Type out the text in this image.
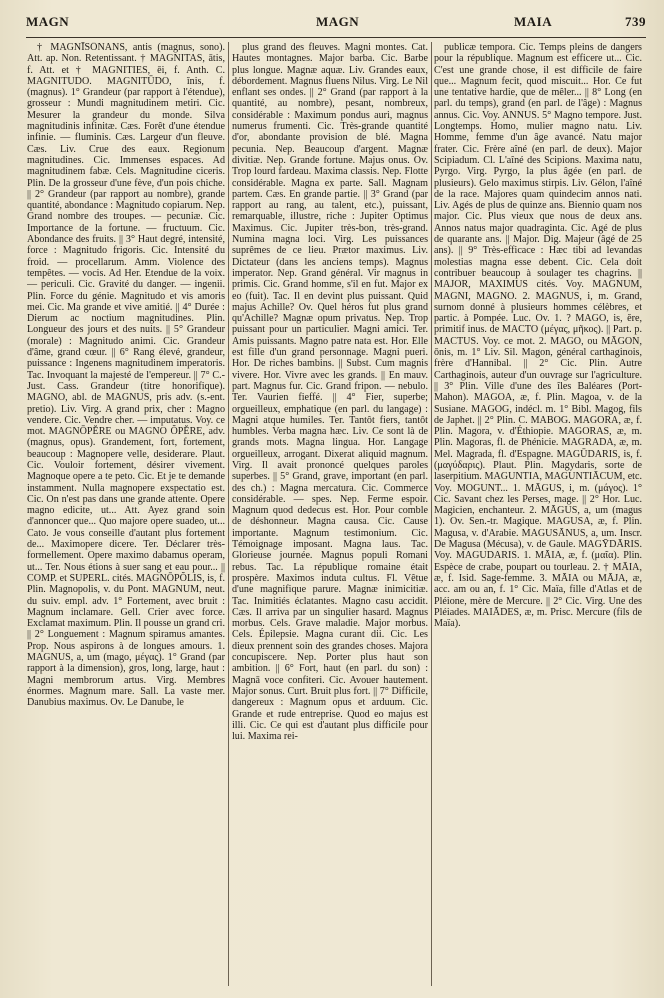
MAGN	MAGN	MAIA	739

† MAGNĪSŌNANS, antis (magnus, sono). Att. ap. Non. Retentissant. † MAGNITAS, ātis, f. Att. et † MAGNITIES, ēi, f. Anth. C. MAGNITUDO. MAGNITŪDO, ĭnis, f. (magnus). 1° Grandeur (par rapport à l'étendue), grosseur : Mundi magnitudinem metiri. Cic. Mesurer la grandeur du monde. Silva magnitudinis infinitæ. Cæs. Forêt d'une étendue infinie. — fluminis. Cæs. Largeur d'un fleuve. Cæs. Liv. Crue des eaux. Regionum magnitudines. Cic. Immenses espaces. Ad magnitudinem fabæ. Cels. Magnitudine ciceris. Plin. De la grosseur d'une fève, d'un pois chiche. || 2° Grandeur (par rapport au nombre), grande quantité, abondance : Magnitudo copiarum. Nep. Grand nombre des troupes. — pecuniæ. Cic. Importance de la fortune. — fructuum. Cic. Abondance des fruits. || 3° Haut degré, intensité, force : Magnitudo frigoris. Cic. Intensité du froid. — procellarum. Amm. Violence des tempêtes. — vocis. Ad Her. Etendue de la voix. — periculi. Cic. Gravité du danger. — ingenii. Plin. Force du génie. Magnitudo et vis amoris mei. Cic. Ma grande et vive amitié. || 4° Durée : Dierum ac noctium magnitudines. Plin. Longueur des jours et des nuits. || 5° Grandeur (morale) : Magnitudo animi. Cic. Grandeur d'âme, grand cœur. || 6° Rang élevé, grandeur, puissance : Ingenens magnitudinem imperatoris. Tac. Invoquant la majesté de l'empereur. || 7° C.-Just. Cass. Grandeur (titre honorifique). MAGNO, abl. de MAGNUS, pris adv. (s.-ent. pretio). Liv. Virg. A grand prix, cher : Magno vendere. Cic. Vendre cher. — imputatus. Voy. ce mot. MAGNŌPĔRE ou MAGNO ŎPĔRE, adv. (magnus, opus). Grandement, fort, fortement, beaucoup : Magnopere velle, desiderare. Plaut. Cic. Vouloir fortement, désirer vivement. Magnoque opere a te peto. Cic. Et je te demande instamment. Nulla magnopere exspectatio est. Cic. On n'est pas dans une grande attente. Opere magno edicite, ut... Att. Ayez grand soin d'annoncer que... Quo majore opere suadeo, ut... Cato. Je vous conseille d'autant plus fortement de... Maximopere dicere. Ter. Déclarer très-formellement. Opere maximo dabamus operam, ut... Ter. Nous étions à suer sang et eau pour... || COMP. et SUPERL. cités. MAGNŌPŎLIS, is, f. Plin. Magnopolis, v. du Pont. MAGNUM, neut. du suiv. empl. adv. 1° Fortement, avec bruit : Magnum inclamare. Gell. Crier avec force. Exclamat maximum. Plin. Il pousse un grand cri. || 2° Longuement : Magnum spiramus amantes. Prop. Nous aspirons à de longues amours. 1. MAGNUS, a, um (mago, μέγας). 1° Grand (par rapport à la dimension), gros, long, large, haut : Magni membrorum artus. Virg. Membres énormes. Magnum mare. Sall. La vaste mer. Danubius maximus. Ov. Le Danube, le

plus grand des fleuves. Magni montes. Cat. Hautes montagnes. Major barba. Cic. Barbe plus longue. Magnæ aquæ. Liv. Grandes eaux, débordement. Magnus fluens Nilus. Virg. Le Nil enflant ses ondes. || 2° Grand (par rapport à la quantité, au nombre), pesant, nombreux, considérable : Maximum pondus auri, magnus numerus frumenti. Cic. Très-grande quantité d'or, abondante provision de blé. Magna pecunia. Nep. Beaucoup d'argent. Magnæ divitiæ. Nep. Grande fortune. Majus onus. Ov. Trop lourd fardeau. Maxima classis. Nep. Flotte considérable. Magna ex parte. Sall. Magnam partem. Cæs. En grande partie. || 3° Grand (par rapport au rang, au talent, etc.), puissant, remarquable, illustre, riche : Jupiter Optimus Maximus. Cic. Jupiter très-bon, très-grand. Numina magna loci. Virg. Les puissances suprêmes de ce lieu. Prætor maximus. Liv. Dictateur (dans les anciens temps). Magnus imperator. Nep. Grand général. Vir magnus in primis. Cic. Grand homme, s'il en fut. Major ex eo (fuit). Tac. Il en devint plus puissant. Quid majus Achille? Ov. Quel héros fut plus grand qu'Achille? Magnæ opum privatus. Nep. Trop puissant pour un particulier. Magni amici. Ter. Amis puissants. Magno patre nata est. Hor. Elle est fille d'un grand personnage. Magni pueri. Hor. De riches bambins. || Subst. Cum magnis vivere. Hor. Vivre avec les grands. || En mauv. part. Magnus fur. Cic. Grand fripon. — nebulo. Ter. Vaurien fieffé. || 4° Fier, superbe; orgueilleux, emphatique (en parl. du langage) : Magni atque humiles. Ter. Tantôt fiers, tantôt humbles. Verba magna hæc. Liv. Ce sont là de grands mots. Magna lingua. Hor. Langage orgueilleux, arrogant. Dixerat aliquid magnum. Virg. Il avait prononcé quelques paroles superbes. || 5° Grand, grave, important (en parl. des ch.) : Magna mercatura. Cic. Commerce considérable. — spes. Nep. Ferme espoir. Magnum quod dedecus est. Hor. Pour comble de déshonneur. Magna causa. Cic. Cause importante. Magnum testimonium. Cic. Témoignage imposant. Magna laus. Tac. Glorieuse journée. Magnus populi Romani rebus. Tac. La république romaine était prospère. Maximos induta cultus. Fl. Vêtue d'une magnifique parure. Magnæ inimicitiæ. Tac. Inimitiés éclatantes. Magno casu accidit. Cæs. Il arriva par un singulier hasard. Magnus morbus. Cels. Grave maladie. Major morbus. Cels. Épilepsie. Magna curant dii. Cic. Les dieux prennent soin des grandes choses. Majora concupiscere. Nep. Porter plus haut son ambition. || 6° Fort, haut (en parl. du son) : Magnā voce confiteri. Cic. Avouer hautement. Major sonus. Curt. Bruit plus fort. || 7° Difficile, dangereux : Magnum opus et arduum. Cic. Grande et rude entreprise. Quod eo majus est illi. Cic. Ce qui est d'autant plus difficile pour lui. Maxima rei-

publicæ tempora. Cic. Temps pleins de dangers pour la république. Magnum est efficere ut... Cic. C'est une grande chose, il est difficile de faire que... Magnum fecit, quod miscuit... Hor. Ce fut une tentative hardie, que de mêler... || 8° Long (en parl. du temps), grand (en parl. de l'âge) : Magnus annus. Cic. Voy. ANNUS. 5° Magno tempore. Just. Longtemps. Homo, mulier magno natu. Liv. Homme, femme d'un âge avancé. Natu major frater. Cic. Frère aîné (en parl. de deux). Major Scipiadum. Cl. L'aîné des Scipions. Maxima natu, Pyrgo. Virg. Pyrgo, la plus âgée (en parl. de plusieurs). Gelo maximus stirpis. Liv. Gélon, l'aîné de la race. Majores quam quindecim annos nati. Liv. Agés de plus de quinze ans. Biennio quam nos major. Cic. Plus vieux que nous de deux ans. Annos natus major quadraginta. Cic. Agé de plus de quarante ans. || Major. Dig. Majeur (âgé de 25 ans). || 9° Très-efficace : Hæc tibi ad levandas molestias magna esse debent. Cic. Cela doit contribuer beaucoup à soulager tes chagrins. || MAJOR, MAXIMUS cités. Voy. MAGNUM, MAGNI, MAGNO. 2. MAGNUS, i, m. Grand, surnom donné à plusieurs hommes célèbres, et partic. à Pompée. Luc. Ov. 1. ? MAGO, is, ĕre, primitif inus. de MACTO (μέγας, μῆκος). || Part. p. MACTUS. Voy. ce mot. 2. MAGO, ou MĀGON, ōnis, m. 1° Liv. Sil. Magon, général carthaginois, frère d'Hannibal. || 2° Cic. Plin. Autre Carthaginois, auteur d'un ouvrage sur l'agriculture. || 3° Plin. Ville d'une des îles Baléares (Port-Mahon). MAGOA, æ, f. Plin. Magoa, v. de la Susiane. MAGOG, indécl. m. 1° Bibl. Magog, fils de Japhet. || 2° Plin. C. MABOG. MAGORA, æ, f. Plin. Magora, v. d'Éthiopie. MAGORAS, æ, m. Plin. Magoras, fl. de Phénicie. MAGRADA, æ, m. Mel. Magrada, fl. d'Espagne. MAGŪDARIS, is, f. (μαγύδαρις). Plaut. Plin. Magydaris, sorte de laserpitium. MAGUNTIA, MAGUNTIĀCUM, etc. Voy. MOGUNT... 1. MĀGUS, i, m. (μάγος). 1° Cic. Savant chez les Perses, mage. || 2° Hor. Luc. Magicien, enchanteur. 2. MĀGUS, a, um (magus 1). Ov. Sen.-tr. Magique. MAGUSA, æ, f. Plin. Magusa, v. d'Arabie. MAGUSĀNUS, a, um. Inscr. De Magusa (Mécusa), v. de Gaule. MAGȲDĀRIS. Voy. MAGUDARIS. 1. MĀIA, æ, f. (μαῖα). Plin. Espèce de crabe, poupart ou tourleau. 2. † MĀIA, æ, f. Isid. Sage-femme. 3. MĀIA ou MĀJA, æ, acc. am ou an, f. 1° Cic. Maïa, fille d'Atlas et de Pléione, mère de Mercure. || 2° Cic. Virg. Une des Pléiades. MAIĀDES, æ, m. Prisc. Mercure (fils de Maïa).
